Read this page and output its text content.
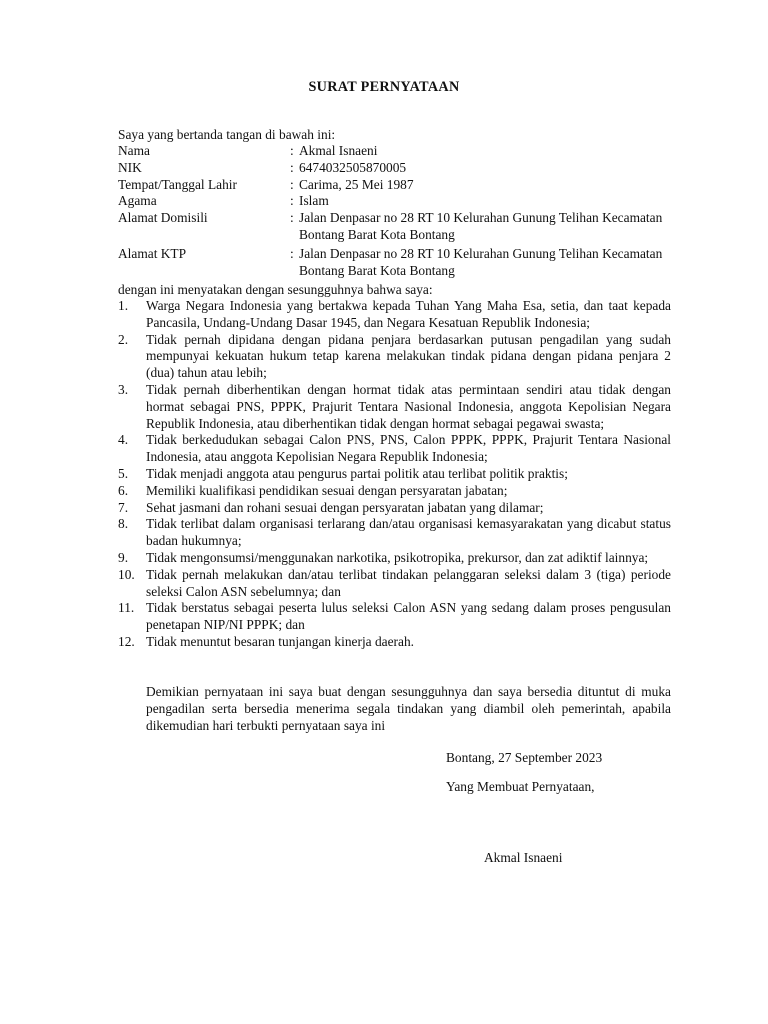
SURAT PERNYATAAN
Saya yang bertanda tangan di bawah ini:
Nama	: Akmal Isnaeni
NIK	: 6474032505870005
Tempat/Tanggal Lahir	: Carima, 25 Mei 1987
Agama	: Islam
Alamat Domisili	: Jalan Denpasar no 28 RT 10 Kelurahan Gunung Telihan Kecamatan Bontang Barat Kota Bontang
Alamat KTP	: Jalan Denpasar no 28 RT 10 Kelurahan Gunung Telihan Kecamatan Bontang Barat Kota Bontang
dengan ini menyatakan dengan sesungguhnya bahwa saya:
1.	Warga Negara Indonesia yang bertakwa kepada Tuhan Yang Maha Esa, setia, dan taat kepada Pancasila, Undang-Undang Dasar 1945, dan Negara Kesatuan Republik Indonesia;
2.	Tidak pernah dipidana dengan pidana penjara berdasarkan putusan pengadilan yang sudah mempunyai kekuatan hukum tetap karena melakukan tindak pidana dengan pidana penjara 2 (dua) tahun atau lebih;
3.	Tidak pernah diberhentikan dengan hormat tidak atas permintaan sendiri atau tidak dengan hormat sebagai PNS, PPPK, Prajurit Tentara Nasional Indonesia, anggota Kepolisian Negara Republik Indonesia, atau diberhentikan tidak dengan hormat sebagai pegawai swasta;
4.	Tidak berkedudukan sebagai Calon PNS, PNS, Calon PPPK, PPPK, Prajurit Tentara Nasional Indonesia, atau anggota Kepolisian Negara Republik Indonesia;
5.	Tidak menjadi anggota atau pengurus partai politik atau terlibat politik praktis;
6.	Memiliki kualifikasi pendidikan sesuai dengan persyaratan jabatan;
7.	Sehat jasmani dan rohani sesuai dengan persyaratan jabatan yang dilamar;
8.	Tidak terlibat dalam organisasi terlarang dan/atau organisasi kemasyarakatan yang dicabut status badan hukumnya;
9.	Tidak mengonsumsi/menggunakan narkotika, psikotropika, prekursor, dan zat adiktif lainnya;
10. Tidak pernah melakukan dan/atau terlibat tindakan pelanggaran seleksi dalam 3 (tiga) periode seleksi Calon ASN sebelumnya; dan
11. Tidak berstatus sebagai peserta lulus seleksi Calon ASN yang sedang dalam proses pengusulan penetapan NIP/NI PPPK; dan
12. Tidak menuntut besaran tunjangan kinerja daerah.
Demikian pernyataan ini saya buat dengan sesungguhnya dan saya bersedia dituntut di muka pengadilan serta bersedia menerima segala tindakan yang diambil oleh pemerintah, apabila dikemudian hari terbukti pernyataan saya ini
Bontang, 27 September 2023
Yang Membuat Pernyataan,
Akmal Isnaeni
